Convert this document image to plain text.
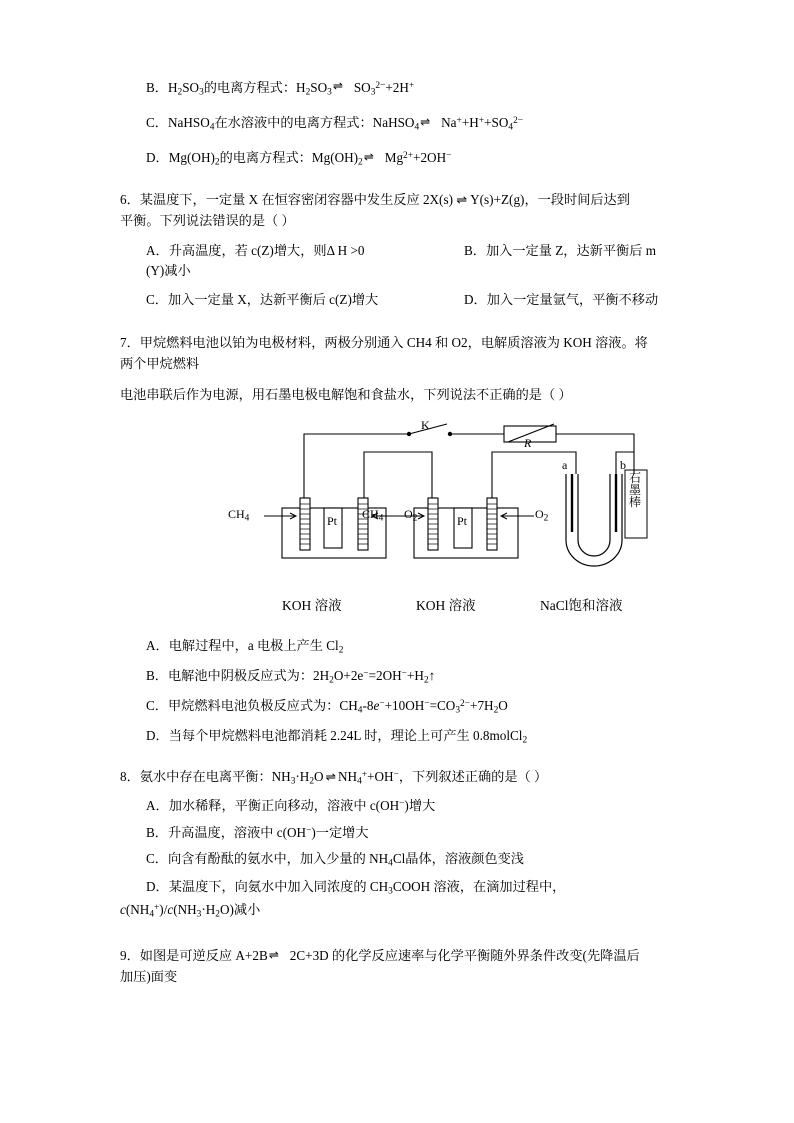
B．$H_2SO_3$的电离方程式：$H_2SO_3$ ⇌ $SO_3^{2-}+2H^+$

C．NaHSO$_4$在水溶液中的电离方程式：NaHSO$_4$ ⇌ $Na^++H^++SO_4^{2-}$

D．$Mg(OH)_2$的电离方程式：$Mg(OH)_2$ ⇌ $Mg^{2+}+2OH^-$

6．某温度下，一定量 X 在恒容密闭容器中发生反应 2X(s) ⇌ Y(s)+Z(g)，一段时间后达到

平衡。下列说法错误的是（ ）

A．升高温度，若 c(Z)增大，则Δ H >0	B．加入一定量 Z，达新平衡后 m
(Y)减小
C．加入一定量 X，达新平衡后 c(Z)增大	D．加入一定量氩气，平衡不移动

7．甲烷燃料电池以铂为电极材料，两极分别通入 CH4 和 O2，电解质溶液为 KOH 溶液。将

两个甲烷燃料

电池串联后作为电源，用石墨电极电解饱和食盐水，下列说法不正确的是（ ）

K
R
$CH_4$	Pt	$O_2$
$CH_4$	Pt	$O_2$
a	b
石
墨
棒
KOH 溶液	KOH 溶液	NaCl饱和溶液

A．电解过程中，a 电极上产生 $Cl_2$

B．电解池中阴极反应式为：$2H_2O+2e^-=2OH^-+H_2↑$

C．甲烷燃料电池负极反应式为：$CH_4-8e^-+10OH^-=CO_3^{2-}+7H_2O$

D．当每个甲烷燃料电池都消耗 2.24L 时，理论上可产生 0.8molCl$_2$

8．氨水中存在电离平衡：$NH_3\cdot H_2O$ ⇌ $NH_4^++OH^-$，下列叙述正确的是（ ）

A．加水稀释，平衡正向移动，溶液中 c(OH−)增大

B．升高温度，溶液中 c(OH−)一定增大

C．向含有酚酞的氨水中，加入少量的 $NH_4Cl$晶体，溶液颜色变浅

D．某温度下，向氨水中加入同浓度的 $CH_3COOH$ 溶液，在滴加过程中，

$c(NH_4^+)/c(NH_3\cdot H_2O)$减小

9．如图是可逆反应 A+2B ⇌ 2C+3D 的化学反应速率与化学平衡随外界条件改变(先降温后

加压)面变
